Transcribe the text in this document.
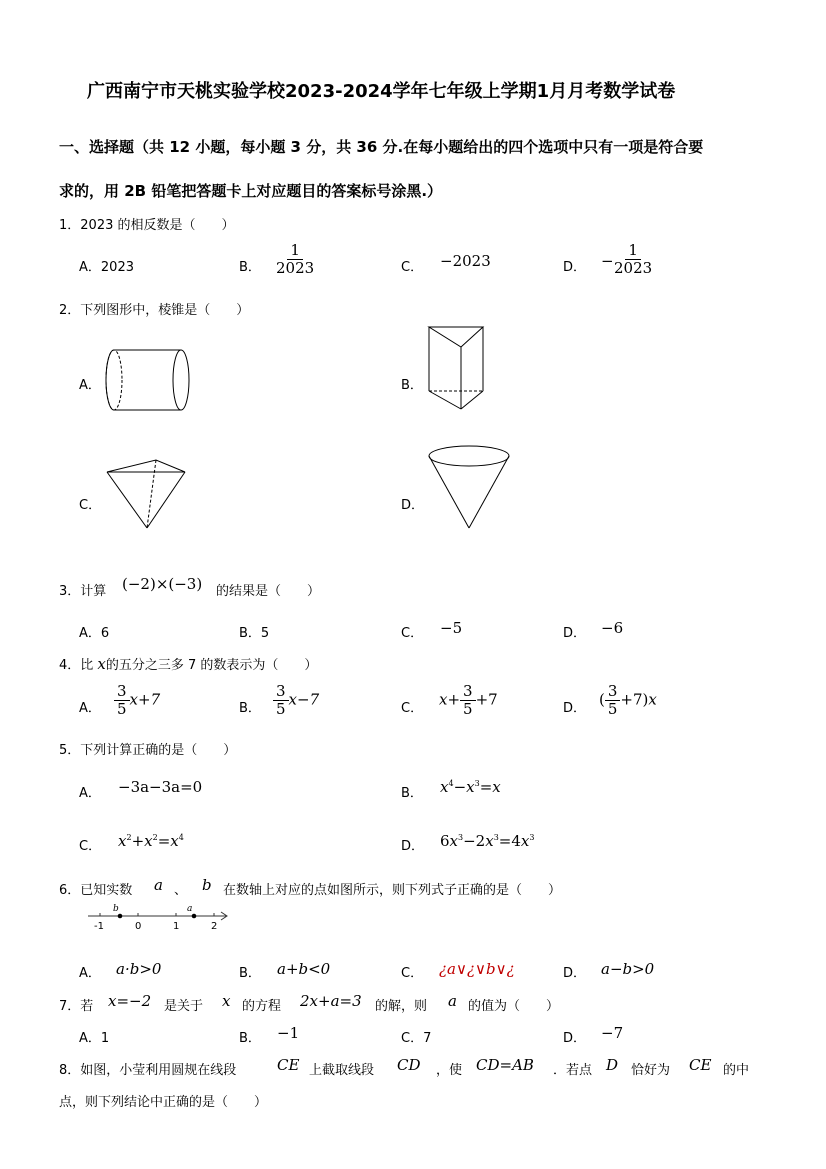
广西南宁市天桃实验学校2023-2024学年七年级上学期1月月考数学试卷
一、选择题（共 12 小题，每小题 3 分，共 36 分.在每小题给出的四个选项中只有一项是符合要
求的，用 2B 铅笔把答题卡上对应题目的答案标号涂黑.）
1．2023 的相反数是（　　）
A．2023	B． $\frac{1}{2023}$	C． −2023	D． −
$\frac{1}{2023}$
2．下列图形中，棱锥是（　　）
A．	B．
C．	D．
3．计算 (−2)×(−3) 的结果是（　　）
A．6	B．5	C． −5	D． −6
4．比 x的五分之三多 7 的数表示为（　　）
A． $\frac{3}{5} x+7$	B． $\frac{3}{5} x-7$	C． $x+ \frac{3}{5} +7$	D． ( $\frac{3}{5} +7)x$
5．下列计算正确的是（　　）
A． −3a−3a=0	B． $x^4-x^3=x$
C． $x^2+x^2=x^4$
D． $6x^3-2x^3=4x^3$
6．已知实数 a 、 b 在数轴上对应的点如图所示，则下列式子正确的是（　　）
b	a
-1	0	1	2
A． a·b>0	B． a+b<0	C． ¿a∨¿∨b∨¿	D． a−b>0
7．若 x=−2 是关于 x 的方程 2x+a=3 的解，则 a 的值为（　　）
A．1	B． −1	C．7	D． −7
8．如图，小莹利用圆规在线段	CE 上截取线段 CD ，使 CD=AB ．若点 D 恰好为 CE 的中
点，则下列结论中正确的是（　　）
